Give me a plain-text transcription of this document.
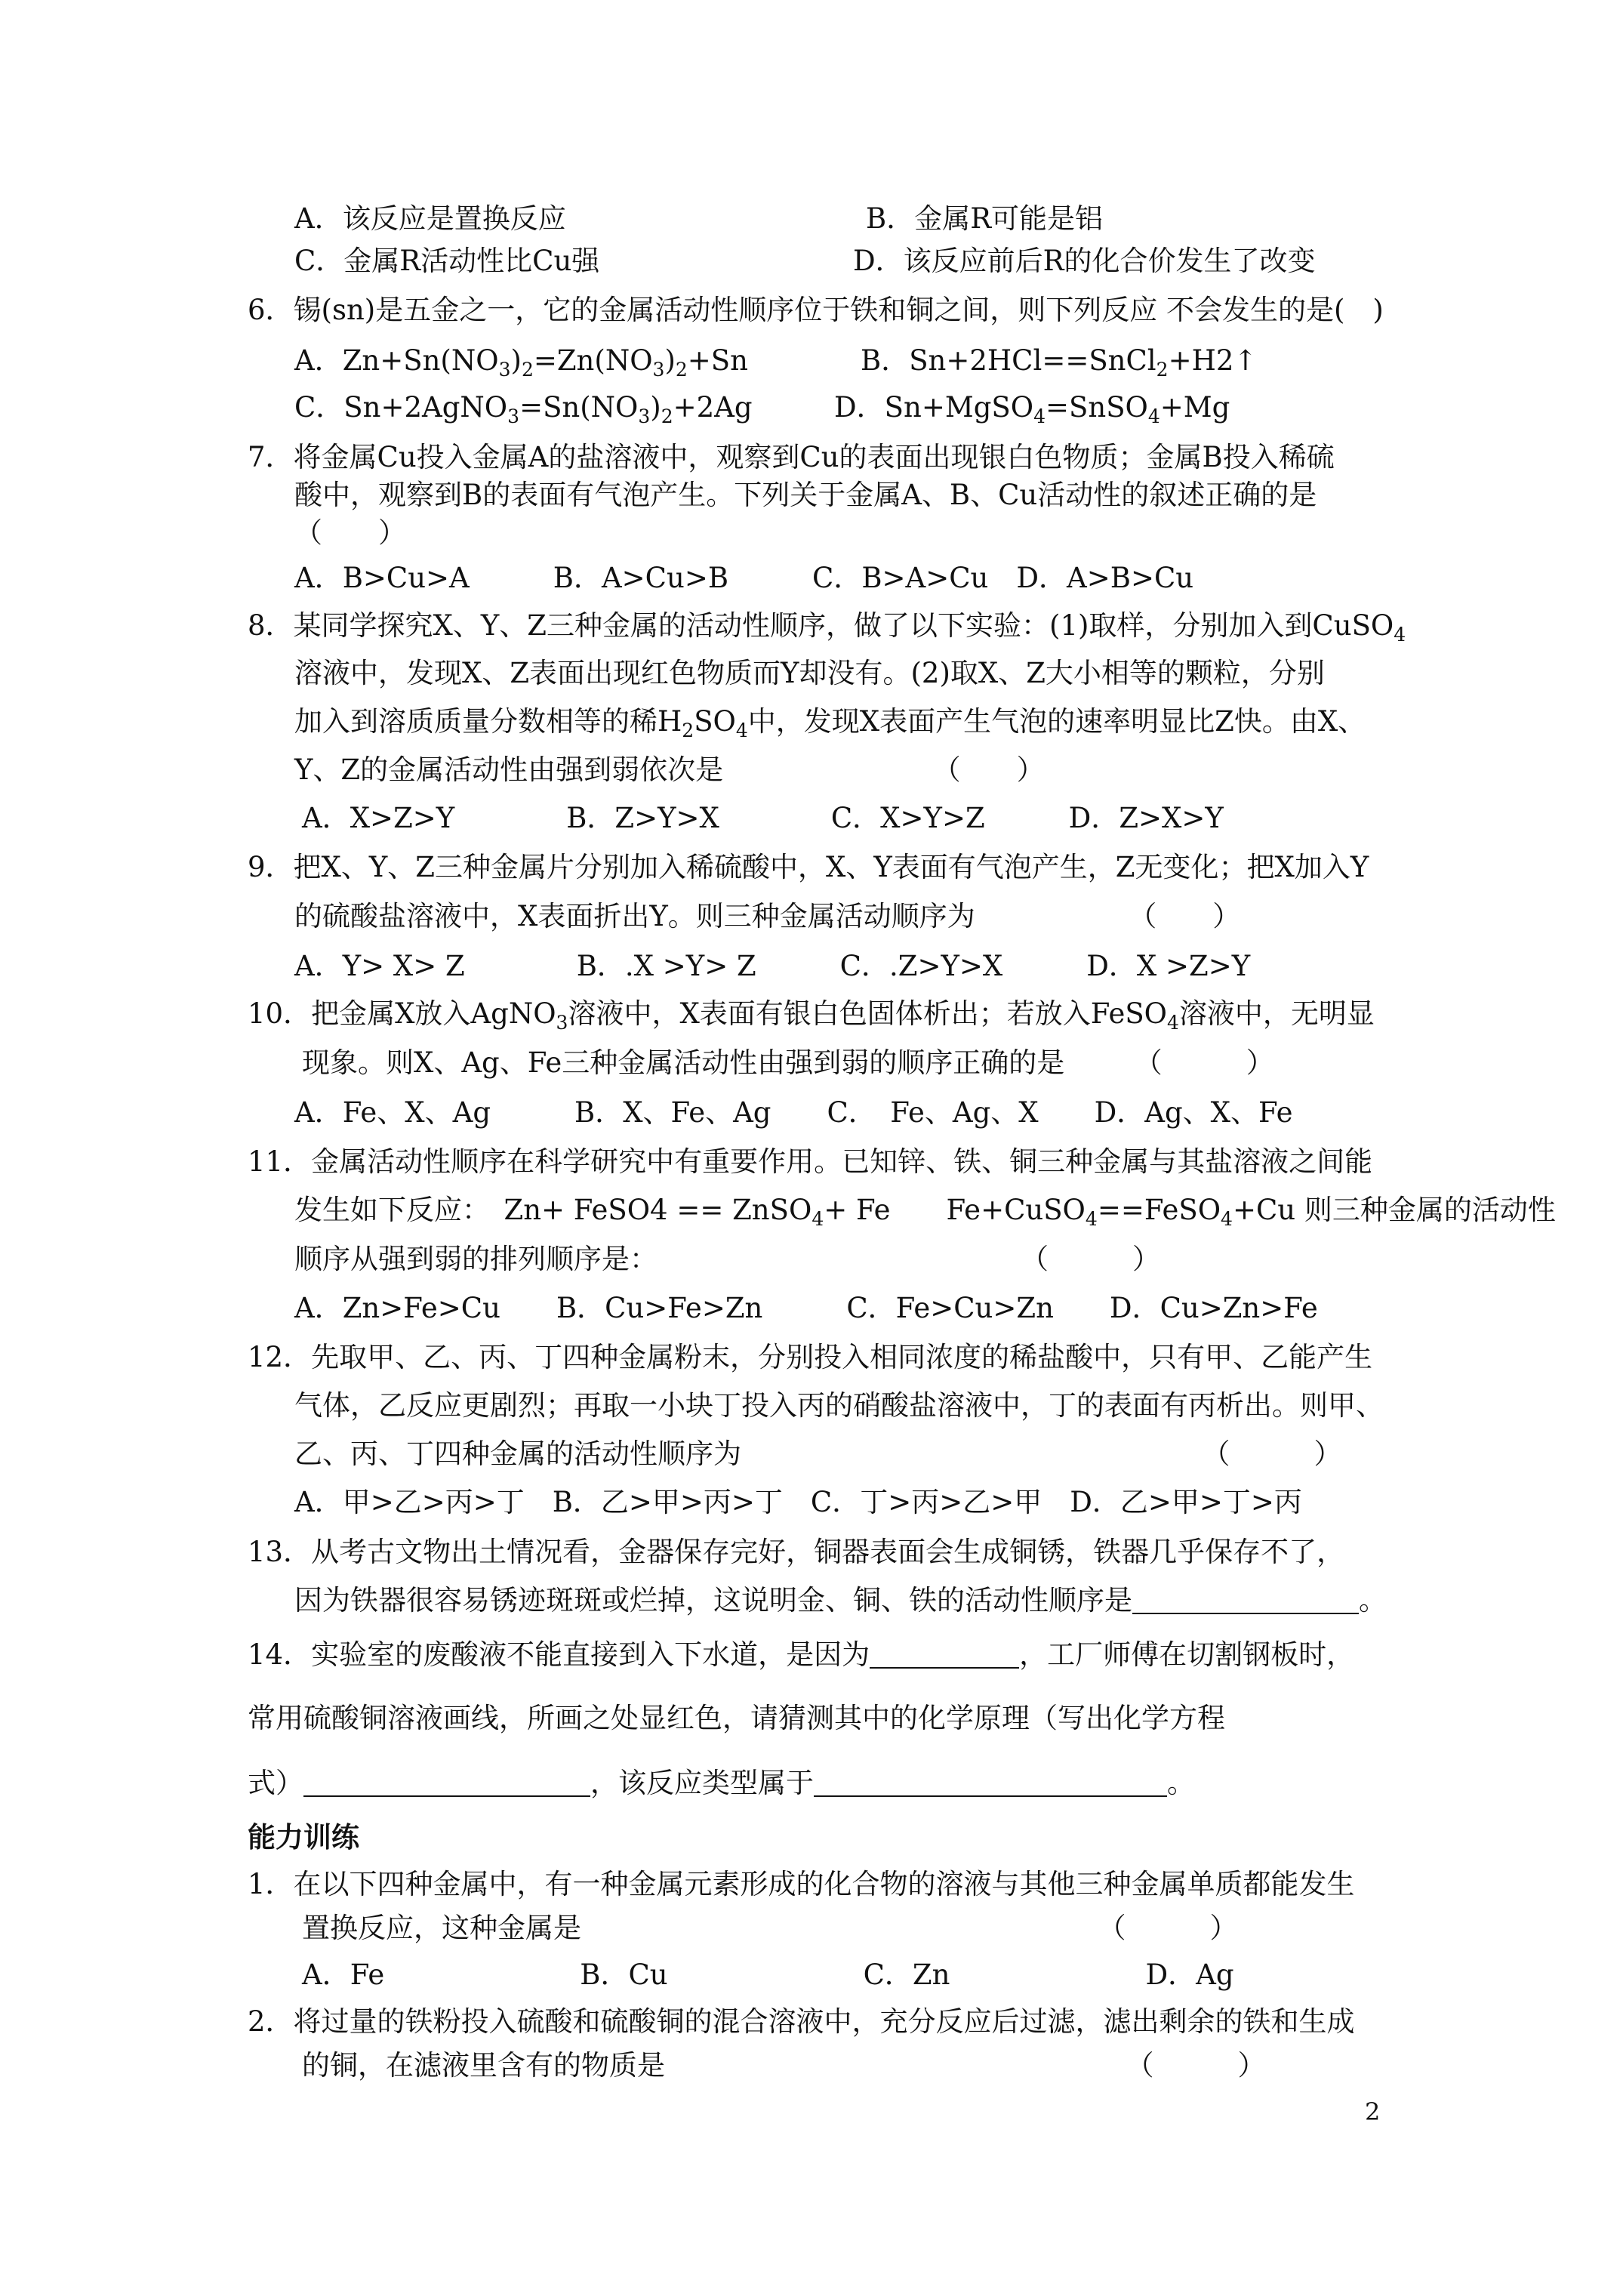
A．该反应是置换反应	B．金属R可能是铝
C．金属R活动性比Cu强	D．该反应前后R的化合价发生了改变
6．锡(sn)是五金之一，它的金属活动性顺序位于铁和铜之间，则下列反应 不会发生的是(　)
A．$Zn+Sn(NO_3)_2=Zn(NO_3)_2+Sn$	B．Sn+2HCl==SnCl$_2$+H2↑
C．$Sn+2AgNO_3=Sn(NO_3)_2+2Ag$	D．Sn+MgSO$_4$=SnSO$_4$+Mg
7．将金属Cu投入金属A的盐溶液中，观察到Cu的表面出现银白色物质；金属B投入稀硫
酸中，观察到B的表面有气泡产生。下列关于金属A、B、Cu活动性的叙述正确的是
（　　）
A．B>Cu>A　　　B．A>Cu>B　　　C．B>A>Cu　D．A>B>Cu
8．某同学探究X、Y、Z三种金属的活动性顺序，做了以下实验：(1)取样，分别加入到CuSO$_4$
溶液中，发现X、Z表面出现红色物质而Y却没有。(2)取X、Z大小相等的颗粒，分别
加入到溶质质量分数相等的稀$H_2SO_4$中，发现X表面产生气泡的速率明显比Z快。由X、
Y、Z的金属活动性由强到弱依次是　　　　　　　　（　　）
A．X>Z>Y　　　　B．Z>Y>X　　　　C．X>Y>Z　　　D．Z>X>Y
9．把X、Y、Z三种金属片分别加入稀硫酸中，X、Y表面有气泡产生，Z无变化；把X加入Y
的硫酸盐溶液中，X表面折出Y。则三种金属活动顺序为　　　　　　（　　）
A．Y> X> Z　　　　B．.X >Y> Z　　　C．.Z>Y>X　　　D．X >Z>Y
10．把金属X放入AgNO$_3$溶液中，X表面有银白色固体析出；若放入FeSO$_4$溶液中，无明显
现象。则X、Ag、Fe三种金属活动性由强到弱的顺序正确的是　　　（　　　）
A．Fe、X、Ag　　　B．X、Fe、Ag　　C．　Fe、Ag、X　　D．Ag、X、Fe
11．金属活动性顺序在科学研究中有重要作用。已知锌、铁、铜三种金属与其盐溶液之间能
发生如下反应：　Zn+ FeSO4 == ZnSO$_4$+ Fe　　Fe+CuSO$_4$==FeSO$_4$+Cu 则三种金属的活动性
顺序从强到弱的排列顺序是：　　　　　　　　　　　　　　（　　　）
A．Zn>Fe>Cu　　B．Cu>Fe>Zn　　　C．Fe>Cu>Zn　　D．Cu>Zn>Fe
12．先取甲、乙、丙、丁四种金属粉末，分别投入相同浓度的稀盐酸中，只有甲、乙能产生
气体，乙反应更剧烈；再取一小块丁投入丙的硝酸盐溶液中，丁的表面有丙析出。则甲、
乙、丙、丁四种金属的活动性顺序为　　　　　　　　　　　　　　　　　（　　　）
A．甲>乙>丙>丁　B．乙>甲>丙>丁　C．丁>丙>乙>甲　D．乙>甲>丁>丙
13．从考古文物出土情况看，金器保存完好，铜器表面会生成铜锈，铁器几乎保存不了，
因为铁器很容易锈迹斑斑或烂掉，这说明金、铜、铁的活动性顺序是	。
14．实验室的废酸液不能直接到入下水道，是因为	，工厂师傅在切割钢板时，
常用硫酸铜溶液画线，所画之处显红色，请猜测其中的化学原理（写出化学方程
式）	，该反应类型属于	。
能力训练
1．在以下四种金属中，有一种金属元素形成的化合物的溶液与其他三种金属单质都能发生
置换反应，这种金属是　　　　　　　　　　　　　　　　　　　（　　　）
A．Fe　　　　　　　B．Cu　　　　　　　C．Zn　　　　　　　D．Ag
2．将过量的铁粉投入硫酸和硫酸铜的混合溶液中，充分反应后过滤，滤出剩余的铁和生成
的铜，在滤液里含有的物质是　　　　　　　　　　　　　　　　　（　　　）
2
